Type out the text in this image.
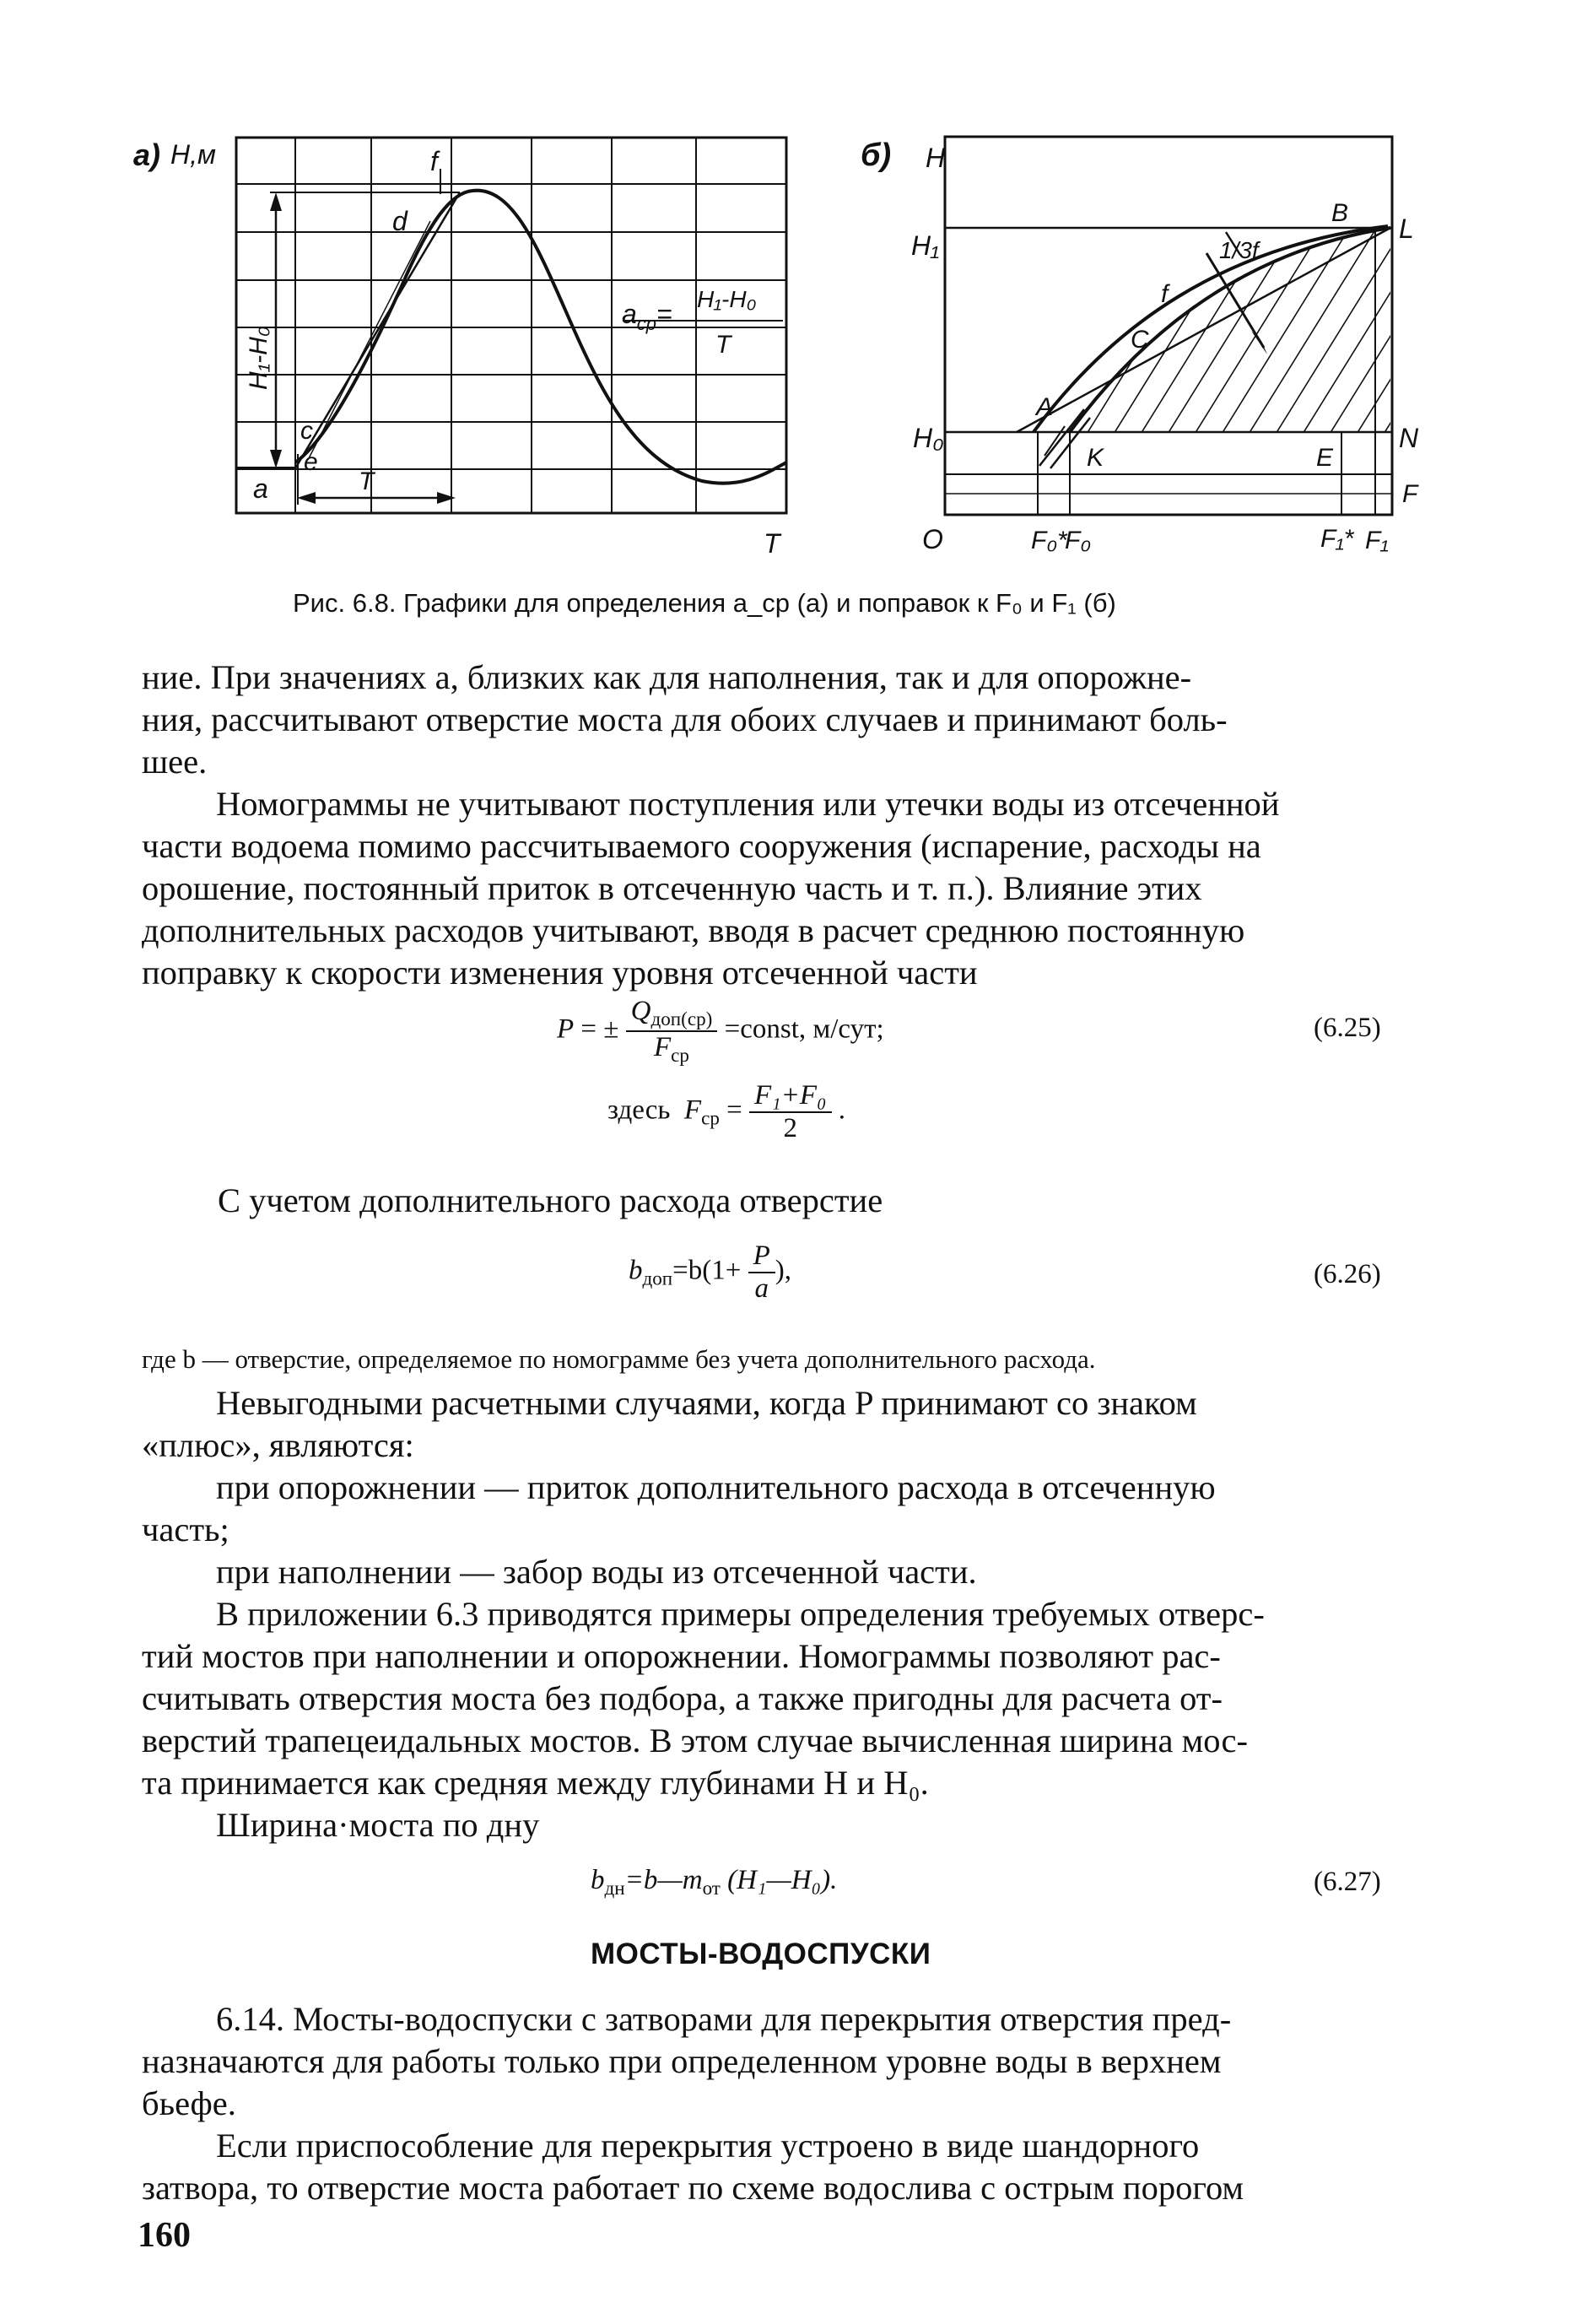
a) H,м	f
d
c
e
a	T
T
H₁-H₀
$a_{ср}= H_1-H_0$
T
б) H
H₁
H₀
O
B
L
1/3f
f
C
A
K	E
N
F
F₀*
F₀	F₁* F₁
Рис. 6.8. Графики для определения a_ср (a) и поправок к F₀ и F₁ (б)
ние. При значениях a, близких как для наполнения, так и для опорожне-
ния, рассчитывают отверстие моста для обоих случаев и принимают боль-
шее.
Номограммы не учитывают поступления или утечки воды из отсеченной
части водоема помимо рассчитываемого сооружения (испарение, расходы на
орошение, постоянный приток в отсеченную часть и т. п.). Влияние этих
дополнительных расходов учитывают, вводя в расчет среднюю постоянную
поправку к скорости изменения уровня отсеченной части
P = ± $\frac{Q_{доп(ср)}}{F_{ср}}$ =const, м/сут;	(6.25)
здесь $F_{ср} = \frac{\text{F₁+F₀}}{2}$ .
С учетом дополнительного расхода отверстие
$b_{доп}=b(1+ \frac{P}{a}$ ),	(6.26)
где b — отверстие, определяемое по номограмме без учета дополнительного расхода.
Невыгодными расчетными случаями, когда P принимают со знаком
«плюс», являются:
при опорожнении — приток дополнительного расхода в отсеченную
часть;
при наполнении — забор воды из отсеченной части.
В приложении 6.3 приводятся примеры определения требуемых отверс-
тий мостов при наполнении и опорожнении. Номограммы позволяют рас-
считывать отверстия моста без подбора, а также пригодны для расчета от-
верстий трапецеидальных мостов. В этом случае вычисленная ширина мос-
та принимается как средняя между глубинами H и H₀.
Ширина·моста по дну
$b_{дн}=b—m_{от}$ (H₁—H₀).	(6.27)
МОСТЫ-ВОДОСПУСКИ
6.14. Мосты-водоспуски с затворами для перекрытия отверстия пред-
назначаются для работы только при определенном уровне воды в верхнем
бьефе.
Если приспособление для перекрытия устроено в виде шандорного
затвора, то отверстие моста работает по схеме водослива с острым порогом
160
